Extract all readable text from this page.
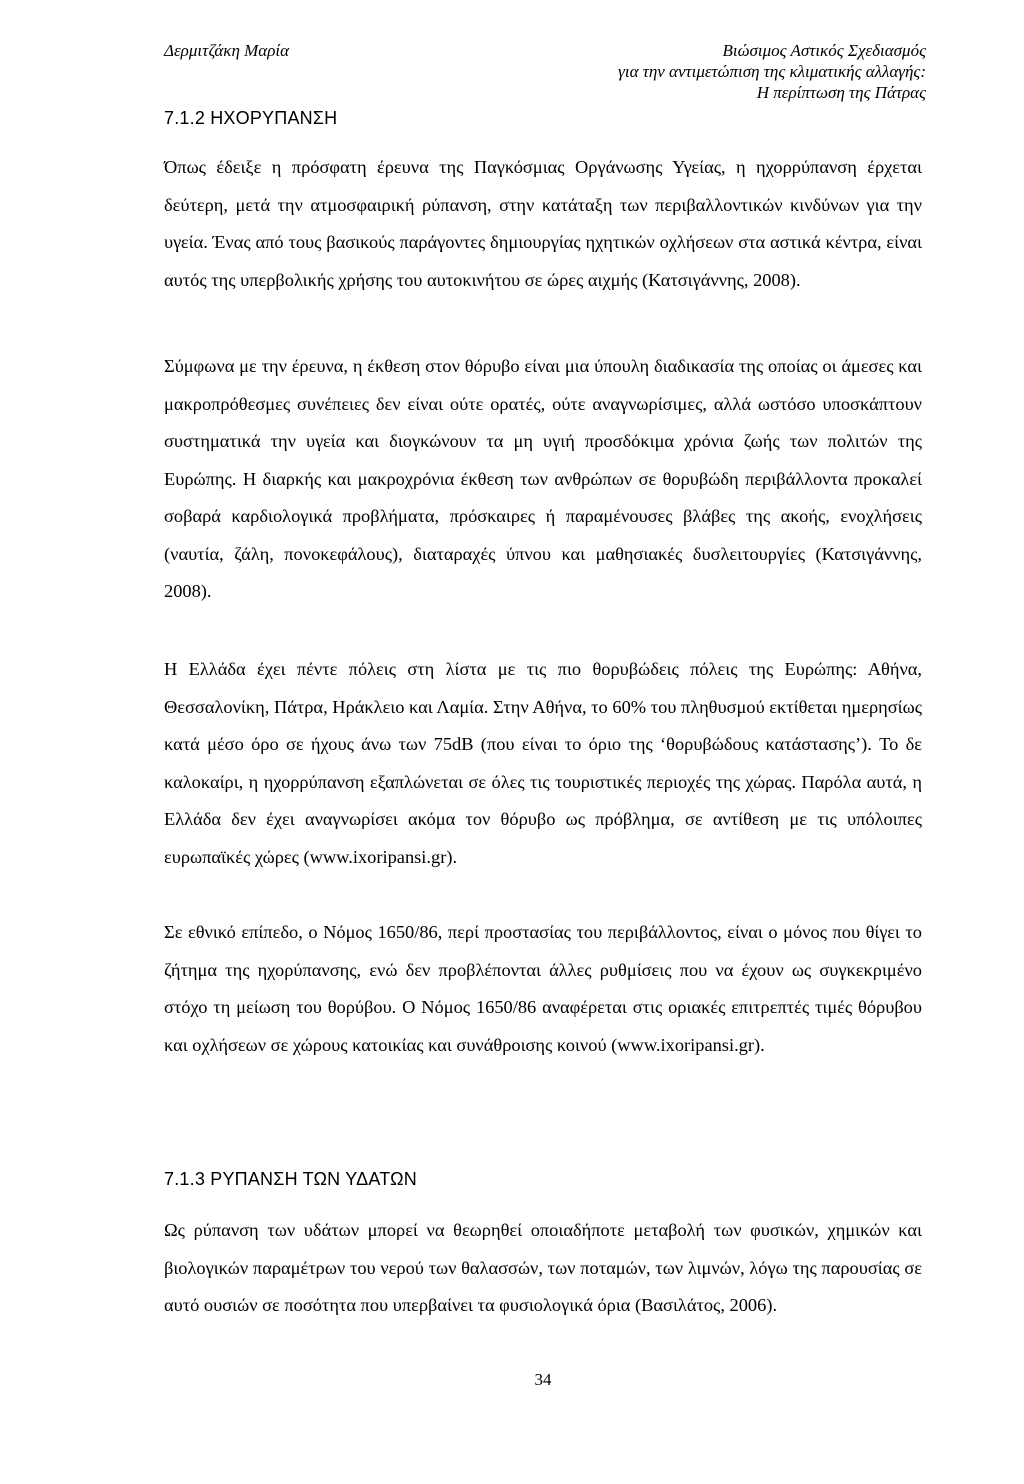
Δερμιτζάκη Μαρία	Βιώσιμος Αστικός Σχεδιασμός
για την αντιμετώπιση της κλιματικής αλλαγής:
Η περίπτωση της Πάτρας
7.1.2 ΗΧΟΡΥΠΑΝΣΗ

Όπως έδειξε η πρόσφατη έρευνα της Παγκόσμιας Οργάνωσης Υγείας, η ηχορρύπανση έρχεται δεύτερη, μετά την ατμοσφαιρική ρύπανση, στην κατάταξη των περιβαλλοντικών κινδύνων για την υγεία. Ένας από τους βασικούς παράγοντες δημιουργίας ηχητικών οχλήσεων στα αστικά κέντρα, είναι αυτός της υπερβολικής χρήσης του αυτοκινήτου σε ώρες αιχμής (Κατσιγάννης, 2008).

Σύμφωνα με την έρευνα, η έκθεση στον θόρυβο είναι μια ύπουλη διαδικασία της οποίας οι άμεσες και μακροπρόθεσμες συνέπειες δεν είναι ούτε ορατές, ούτε αναγνωρίσιμες, αλλά ωστόσο υποσκάπτουν συστηματικά την υγεία και διογκώνουν τα μη υγιή προσδόκιμα χρόνια ζωής των πολιτών της Ευρώπης. Η διαρκής και μακροχρόνια έκθεση των ανθρώπων σε θορυβώδη περιβάλλοντα προκαλεί σοβαρά καρδιολογικά προβλήματα, πρόσκαιρες ή παραμένουσες βλάβες της ακοής, ενοχλήσεις (ναυτία, ζάλη, πονοκεφάλους), διαταραχές ύπνου και μαθησιακές δυσλειτουργίες (Κατσιγάννης, 2008).

Η Ελλάδα έχει πέντε πόλεις στη λίστα με τις πιο θορυβώδεις πόλεις της Ευρώπης: Αθήνα, Θεσσαλονίκη, Πάτρα, Ηράκλειο και Λαμία. Στην Αθήνα, το 60% του πληθυσμού εκτίθεται ημερησίως κατά μέσο όρο σε ήχους άνω των 75dB (που είναι το όριο της ‘θορυβώδους κατάστασης’). Το δε καλοκαίρι, η ηχορρύπανση εξαπλώνεται σε όλες τις τουριστικές περιοχές της χώρας. Παρόλα αυτά, η Ελλάδα δεν έχει αναγνωρίσει ακόμα τον θόρυβο ως πρόβλημα, σε αντίθεση με τις υπόλοιπες ευρωπαϊκές χώρες (www.ixoripansi.gr).

Σε εθνικό επίπεδο, ο Νόμος 1650/86, περί προστασίας του περιβάλλοντος, είναι ο μόνος που θίγει το ζήτημα της ηχορύπανσης, ενώ δεν προβλέπονται άλλες ρυθμίσεις που να έχουν ως συγκεκριμένο στόχο τη μείωση του θορύβου. Ο Νόμος 1650/86 αναφέρεται στις οριακές επιτρεπτές τιμές θόρυβου και οχλήσεων σε χώρους κατοικίας και συνάθροισης κοινού (www.ixoripansi.gr).

7.1.3 ΡΥΠΑΝΣΗ ΤΩΝ ΥΔΑΤΩΝ

Ως ρύπανση των υδάτων μπορεί να θεωρηθεί οποιαδήποτε μεταβολή των φυσικών, χημικών και βιολογικών παραμέτρων του νερού των θαλασσών, των ποταμών, των λιμνών, λόγω της παρουσίας σε αυτό ουσιών σε ποσότητα που υπερβαίνει τα φυσιολογικά όρια (Βασιλάτος, 2006).

34
